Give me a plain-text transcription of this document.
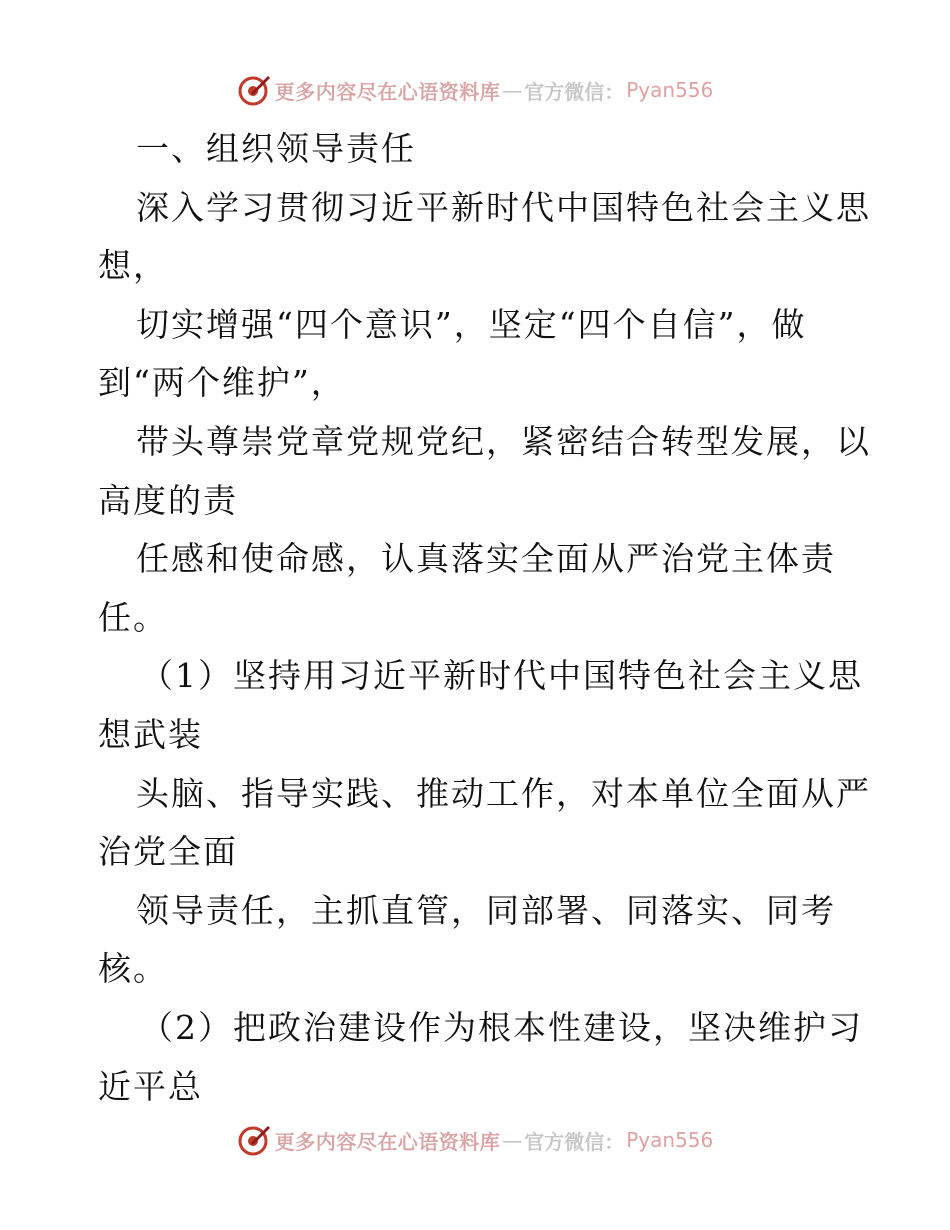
更多内容尽在心语资料库 — 官方微信： Pyan556
一、组织领导责任
深入学习贯彻习近平新时代中国特色社会主义思
想，
切实增强“四个意识”，坚定“四个自信”，做
到“两个维护”，
带头尊崇党章党规党纪，紧密结合转型发展，以
高度的责
任感和使命感，认真落实全面从严治党主体责
任。
（1）坚持用习近平新时代中国特色社会主义思
想武装
头脑、指导实践、推动工作，对本单位全面从严
治党全面
领导责任，主抓直管，同部署、同落实、同考
核。
（2）把政治建设作为根本性建设，坚决维护习
近平总
更多内容尽在心语资料库 — 官方微信： Pyan556
